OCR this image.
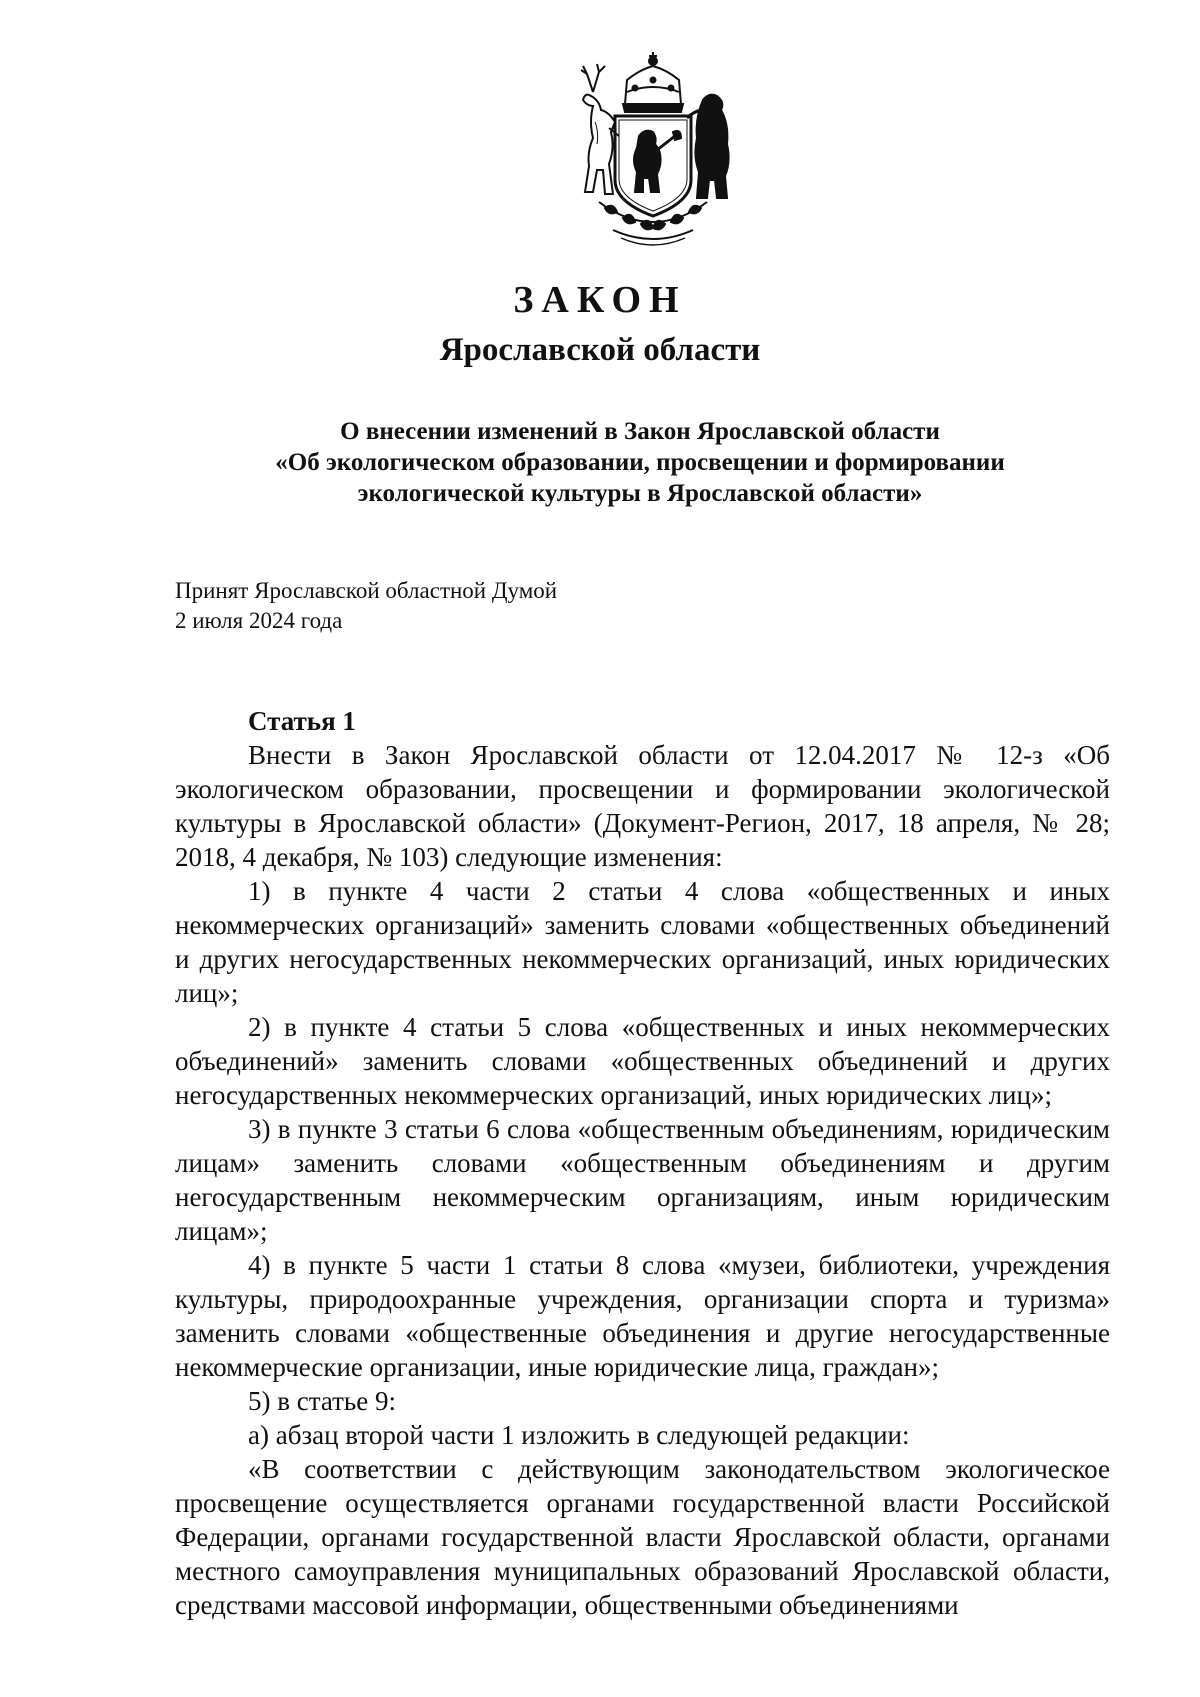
ЗАКОН
Ярославской области
О внесении изменений в Закон Ярославской области
«Об экологическом образовании, просвещении и формировании
экологической культуры в Ярославской области»
Принят Ярославской областной Думой
2 июля 2024 года
Статья 1

Внести в Закон Ярославской области от 12.04.2017 № 12-з «Об экологическом образовании, просвещении и формировании экологической культуры в Ярославской области» (Документ-Регион, 2017, 18 апреля, № 28; 2018, 4 декабря, № 103) следующие изменения:

1) в пункте 4 части 2 статьи 4 слова «общественных и иных некоммерческих организаций» заменить словами «общественных объединений и других негосударственных некоммерческих организаций, иных юридических лиц»;

2) в пункте 4 статьи 5 слова «общественных и иных некоммерческих объединений» заменить словами «общественных объединений и других негосударственных некоммерческих организаций, иных юридических лиц»;

3) в пункте 3 статьи 6 слова «общественным объединениям, юридическим лицам» заменить словами «общественным объединениям и другим негосударственным некоммерческим организациям, иным юридическим лицам»;

4) в пункте 5 части 1 статьи 8 слова «музеи, библиотеки, учреждения культуры, природоохранные учреждения, организации спорта и туризма» заменить словами «общественные объединения и другие негосударственные некоммерческие организации, иные юридические лица, граждан»;

5) в статье 9:

а) абзац второй части 1 изложить в следующей редакции:

«В соответствии с действующим законодательством экологическое просвещение осуществляется органами государственной власти Российской Федерации, органами государственной власти Ярославской области, органами местного самоуправления муниципальных образований Ярославской области, средствами массовой информации, общественными объединениями
